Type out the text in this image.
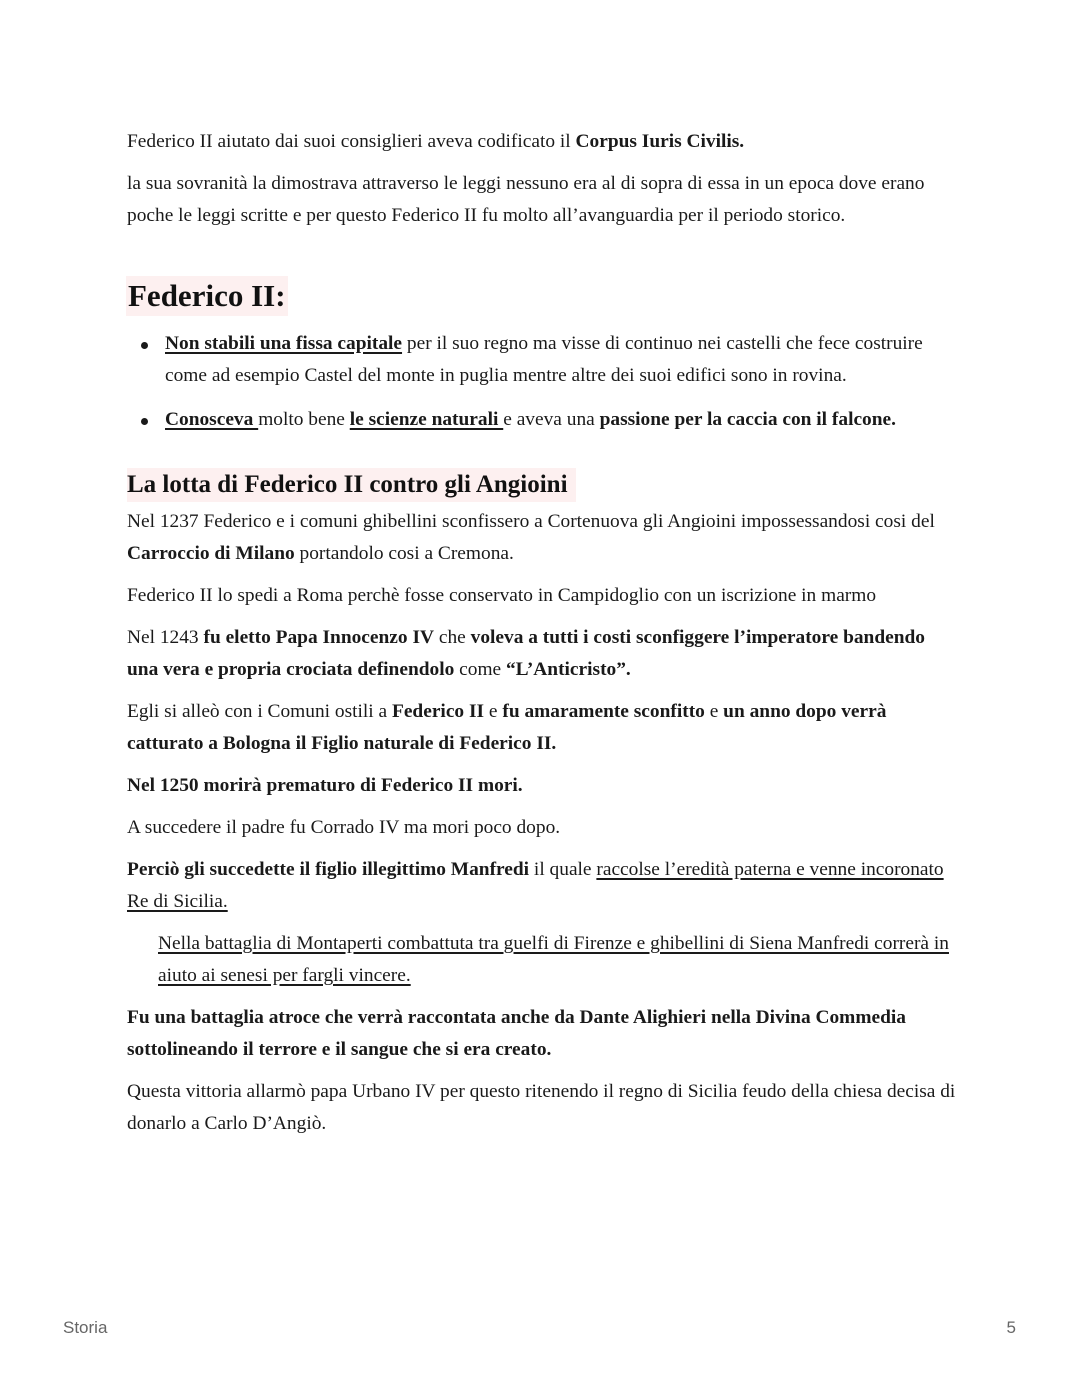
Federico II aiutato dai suoi consiglieri aveva codificato il Corpus Iuris Civilis.

la sua sovranità la dimostrava attraverso le leggi nessuno era al di sopra di essa in un epoca dove erano poche le leggi scritte e per questo Federico II fu molto all’avanguardia per il periodo storico.

Federico II:
Non stabili una fissa capitale per il suo regno ma visse di continuo nei castelli che fece costruire come ad esempio Castel del monte in puglia mentre altre dei suoi edifici sono in rovina.
Conosceva molto bene le scienze naturali e aveva una passione per la caccia con il falcone.
La lotta di Federico II contro gli Angioini

Nel 1237 Federico e i comuni ghibellini sconfissero a Cortenuova gli Angioini impossessandosi cosi del Carroccio di Milano portandolo cosi a Cremona.

Federico II lo spedi a Roma perchè fosse conservato in Campidoglio con un iscrizione in marmo

Nel 1243 fu eletto Papa Innocenzo IV che voleva a tutti i costi sconfiggere l’imperatore bandendo una vera e propria crociata definendolo come “L’Anticristo”.

Egli si alleò con i Comuni ostili a Federico II e fu amaramente sconfitto e un anno dopo verrà catturato a Bologna il Figlio naturale di Federico II.

Nel 1250 morirà prematuro di Federico II mori.

A succedere il padre fu Corrado IV ma mori poco dopo.

Perciò gli succedette il figlio illegittimo Manfredi il quale raccolse l’eredità paterna e venne incoronato Re di Sicilia.

Nella battaglia di Montaperti combattuta tra guelfi di Firenze e ghibellini di Siena Manfredi correrà in aiuto ai senesi per fargli vincere.

Fu una battaglia atroce che verrà raccontata anche da Dante Alighieri nella Divina Commedia sottolineando il terrore e il sangue che si era creato.

Questa vittoria allarmò papa Urbano IV per questo ritenendo il regno di Sicilia feudo della chiesa decisa di donarlo a Carlo D’Angiò.

Storia	5
